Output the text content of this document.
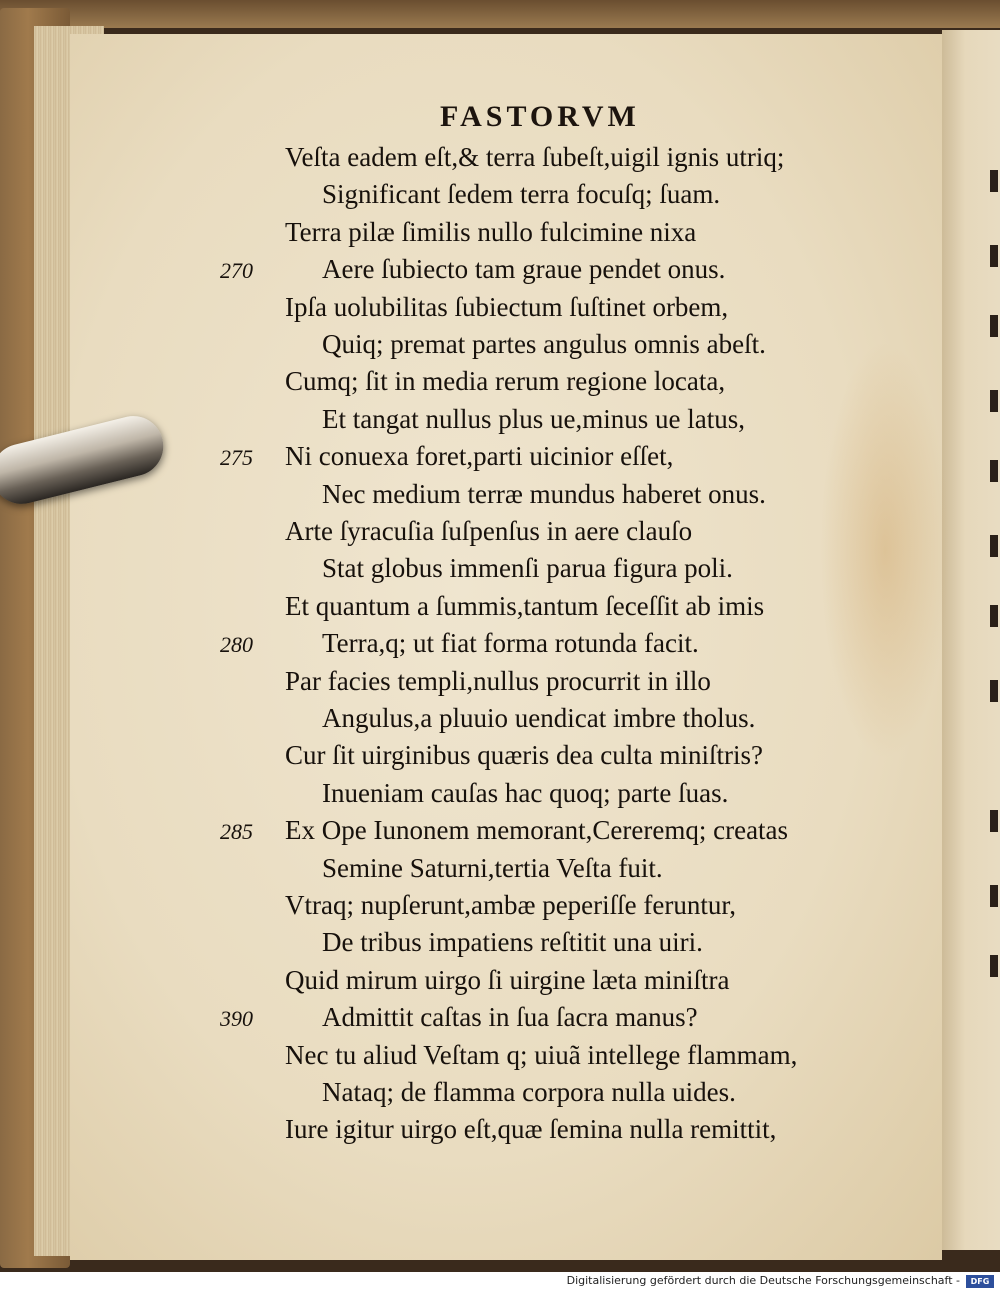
FASTORVM
Veſta eadem eſt,& terra ſubeſt,uigil ignis utriq;
Significant ſedem terra focuſq; ſuam.
Terra pilæ ſimilis nullo fulcimine nixa
Aere ſubiecto tam graue pendet onus.
Ipſa uolubilitas ſubiectum ſuſtinet orbem,
Quiq; premat partes angulus omnis abeſt.
Cumq; ſit in media rerum regione locata,
Et tangat nullus plus ue,minus ue latus,
Ni conuexa foret,parti uicinior eſſet,
Nec medium terræ mundus haberet onus.
Arte ſyracuſia ſuſpenſus in aere clauſo
Stat globus immenſi parua figura poli.
Et quantum a ſummis,tantum ſeceſſit ab imis
Terra,q; ut fiat forma rotunda facit.
Par facies templi,nullus procurrit in illo
Angulus,a pluuio uendicat imbre tholus.
Cur ſit uirginibus quæris dea culta miniſtris?
Inueniam cauſas hac quoq; parte ſuas.
Ex Ope Iunonem memorant,Cereremq; creatas
Semine Saturni,tertia Veſta fuit.
Vtraq; nupſerunt,ambæ peperiſſe feruntur,
De tribus impatiens reſtitit una uiri.
Quid mirum uirgo ſi uirgine læta miniſtra
Admittit caſtas in ſua ſacra manus?
Nec tu aliud Veſtam q; uiuã intellege flammam,
Nataq; de flamma corpora nulla uides.
Iure igitur uirgo eſt,quæ ſemina nulla remittit,
270
275
280
285
390
Digitalisierung gefördert durch die Deutsche Forschungsgemeinschaft -	DFG
